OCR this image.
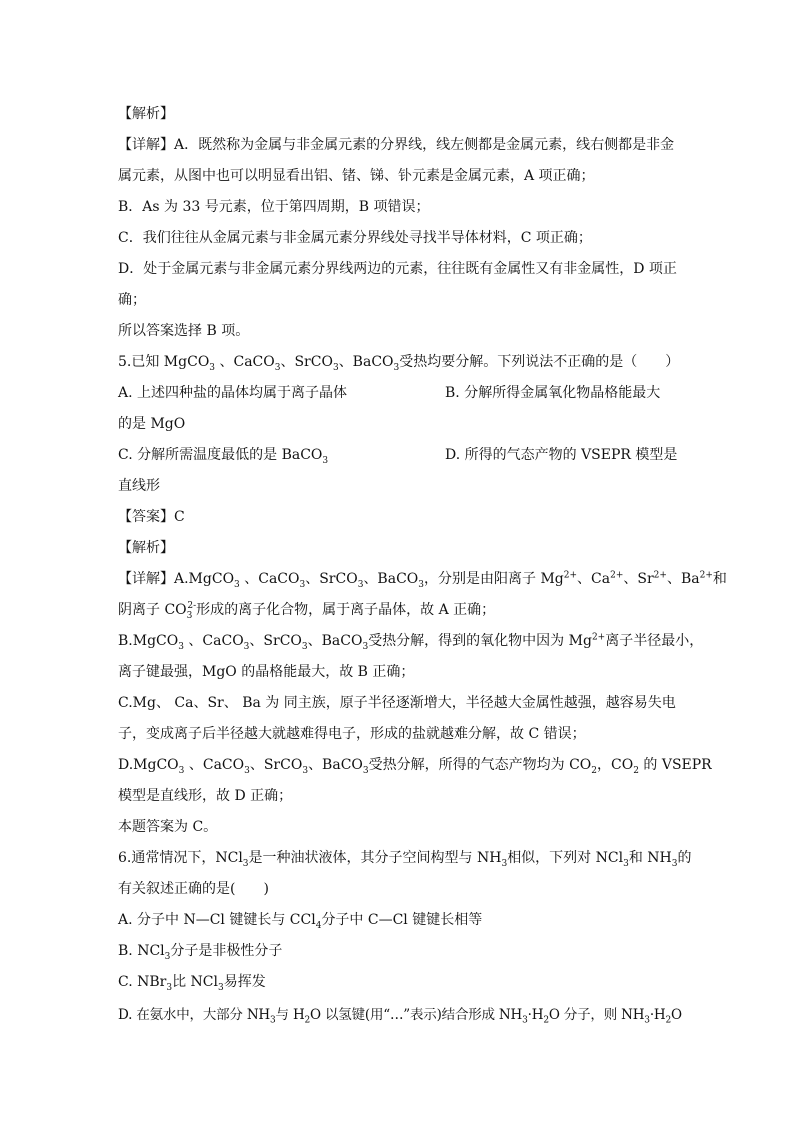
【解析】
【详解】A．既然称为金属与非金属元素的分界线，线左侧都是金属元素，线右侧都是非金
属元素，从图中也可以明显看出铝、锗、锑、钋元素是金属元素，A 项正确；
B．As 为 33 号元素，位于第四周期，B 项错误；
C．我们往往从金属元素与非金属元素分界线处寻找半导体材料，C 项正确；
D．处于金属元素与非金属元素分界线两边的元素，往往既有金属性又有非金属性，D 项正
确；
所以答案选择 B 项。
5.已知 MgCO$_3$ 、CaCO$_3$、SrCO$_3$、BaCO$_3$受热均要分解。下列说法不正确的是（　　）
A. 上述四种盐的晶体均属于离子晶体	B. 分解所得金属氧化物晶格能最大
的是 MgO
C. 分解所需温度最低的是 BaCO$_3$	D. 所得的气态产物的 VSEPR 模型是
直线形
【答案】C
【解析】
【详解】A.MgCO$_3$ 、CaCO$_3$、SrCO$_3$、BaCO$_3$，分别是由阳离子 $Mg^{2+}$、$Ca^{2+}$、$Sr^{2+}$、$Ba^{2+}$和
阴离子 $CO_3^{2-}$形成的离子化合物，属于离子晶体，故 A 正确；
B.MgCO$_3$ 、CaCO$_3$、SrCO$_3$、BaCO$_3$受热分解，得到的氧化物中因为 $Mg^{2+}$离子半径最小，
离子键最强，MgO 的晶格能最大，故 B 正确；
C.Mg、 Ca、Sr、 Ba 为 同主族，原子半径逐渐增大，半径越大金属性越强，越容易失电
子，变成离子后半径越大就越难得电子，形成的盐就越难分解，故 C 错误；
D.MgCO$_3$ 、CaCO$_3$、SrCO$_3$、BaCO$_3$受热分解，所得的气态产物均为 $CO_2$，$CO_2$ 的 VSEPR
模型是直线形，故 D 正确；
本题答案为 C。
6.通常情况下，NCl$_3$是一种油状液体，其分子空间构型与 $NH_3$相似，下列对 NCl$_3$和 $NH_3$的
有关叙述正确的是(　　)
A. 分子中 N—Cl 键键长与 CCl$_4$分子中 C—Cl 键键长相等
B. NCl$_3$分子是非极性分子
C. NBr$_3$比 NCl$_3$易挥发
D. 在氨水中，大部分 $NH_3$与 $H_2O$ 以氢键(用“…”表示)结合形成 $NH_3\cdot H_2O$ 分子，则 $NH_3\cdot H_2O$
